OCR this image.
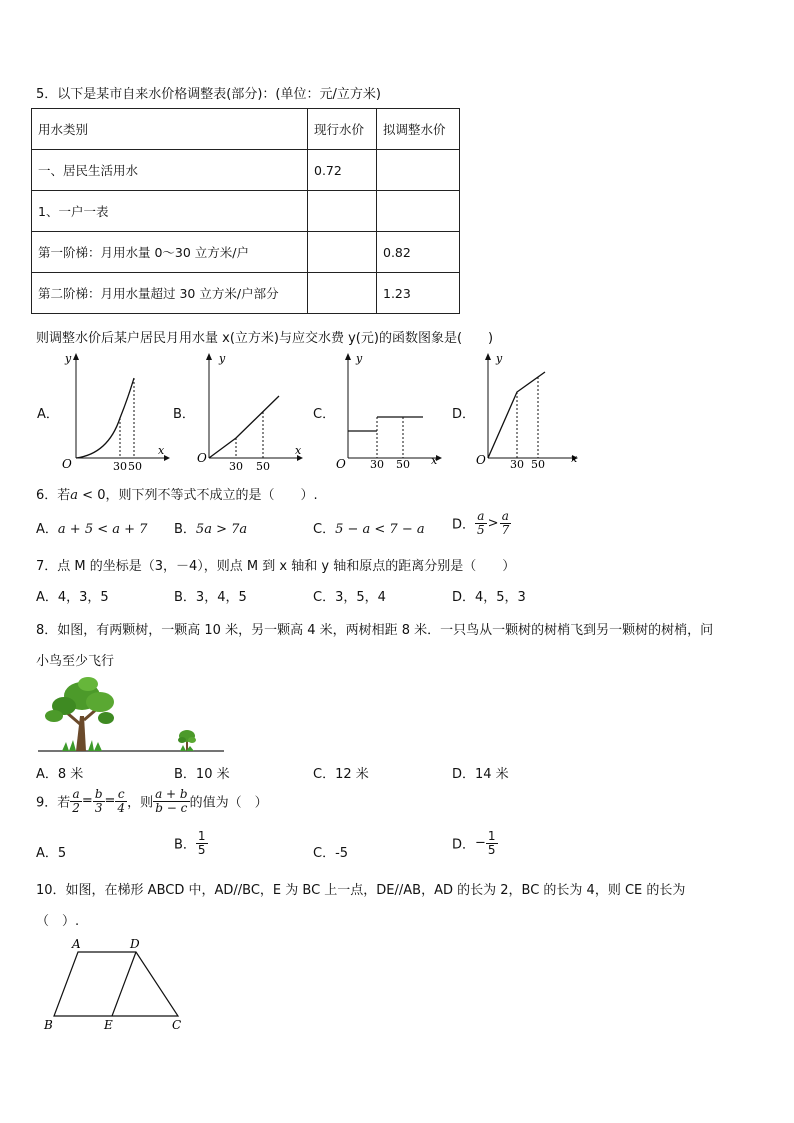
5．以下是某市自来水价格调整表(部分)：(单位：元/立方米)
用水类别	现行水价	拟调整水价
一、居民生活用水	0.72	
1、一户一表		
第一阶梯：月用水量 0～30 立方米/户		0.82
第二阶梯：月用水量超过 30 立方米/户部分		1.23
则调整水价后某户居民月用水量 x(立方米)与应交水费 y(元)的函数图象是(　　)
A．	B．	C．	D．
y
x
O	30 50
y
x
O
30 50
y
x
O 30 50
y
x
O 30 50
6．若a < 0，则下列不等式不成立的是（　　）.
A．a + 5 < a + 7 B．5a > 7a	C．5 − a < 7 − a D． $\frac{a}{5} > \frac{a}{7}$
7．点 M 的坐标是（3，－4），则点 M 到 x 轴和 y 轴和原点的距离分别是（　　）
A．4，3，5	B．3，4，5	C．3，5，4	D．4，5，3
8．如图，有两颗树，一颗高 10 米，另一颗高 4 米，两树相距 8 米．一只鸟从一颗树的树梢飞到另一颗树的树梢，问
小鸟至少飞行
A．8 米	B．10 米	C．12 米	D．14 米
9．若 $\frac{a}{2} = \frac{b}{3} = \frac{c}{4}$ ，则 $\frac{a + b}{b - c}$ 的值为（　）
A．5
B． $\frac{1}{5}$	C．-5
D．− $\frac{1}{5}$
10．如图，在梯形 ABCD 中，AD//BC，E 为 BC 上一点，DE//AB，AD 的长为 2，BC 的长为 4，则 CE 的长为
（　）.
A	D
B	E	C
